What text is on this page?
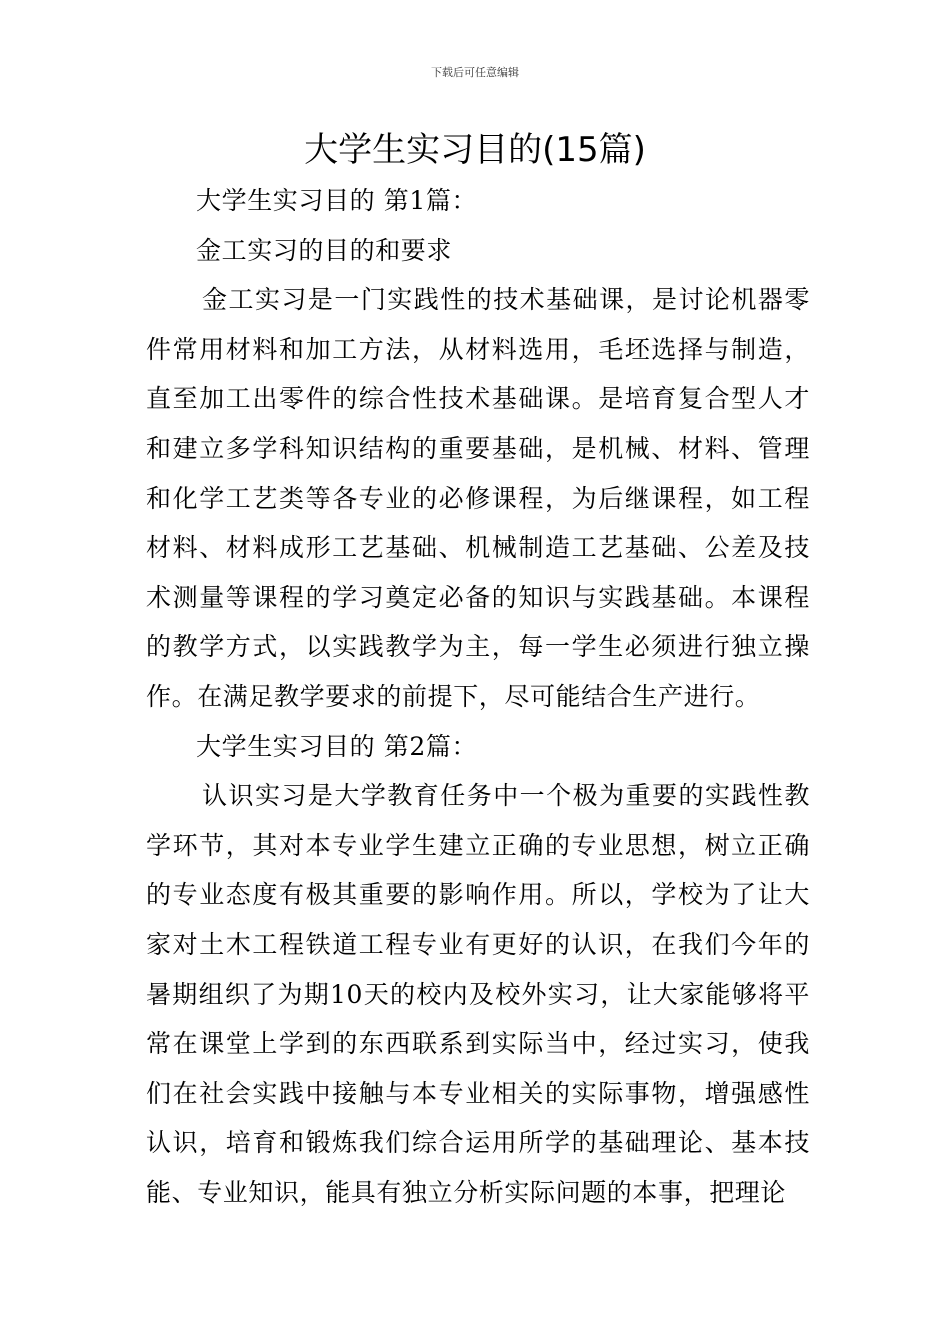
下载后可任意编辑
大学生实习目的(15篇)

大学生实习目的 第1篇：

金工实习的目的和要求

金工实习是一门实践性的技术基础课，是讨论机器零件常用材料和加工方法，从材料选用，毛坯选择与制造，直至加工出零件的综合性技术基础课。是培育复合型人才和建立多学科知识结构的重要基础，是机械、材料、管理和化学工艺类等各专业的必修课程，为后继课程，如工程材料、材料成形工艺基础、机械制造工艺基础、公差及技术测量等课程的学习奠定必备的知识与实践基础。本课程的教学方式，以实践教学为主，每一学生必须进行独立操作。在满足教学要求的前提下，尽可能结合生产进行。

大学生实习目的 第2篇：

认识实习是大学教育任务中一个极为重要的实践性教学环节，其对本专业学生建立正确的专业思想，树立正确的专业态度有极其重要的影响作用。所以，学校为了让大家对土木工程铁道工程专业有更好的认识，在我们今年的暑期组织了为期10天的校内及校外实习，让大家能够将平常在课堂上学到的东西联系到实际当中，经过实习，使我们在社会实践中接触与本专业相关的实际事物，增强感性认识，培育和锻炼我们综合运用所学的基础理论、基本技能、专业知识，能具有独立分析实际问题的本事，把理论
